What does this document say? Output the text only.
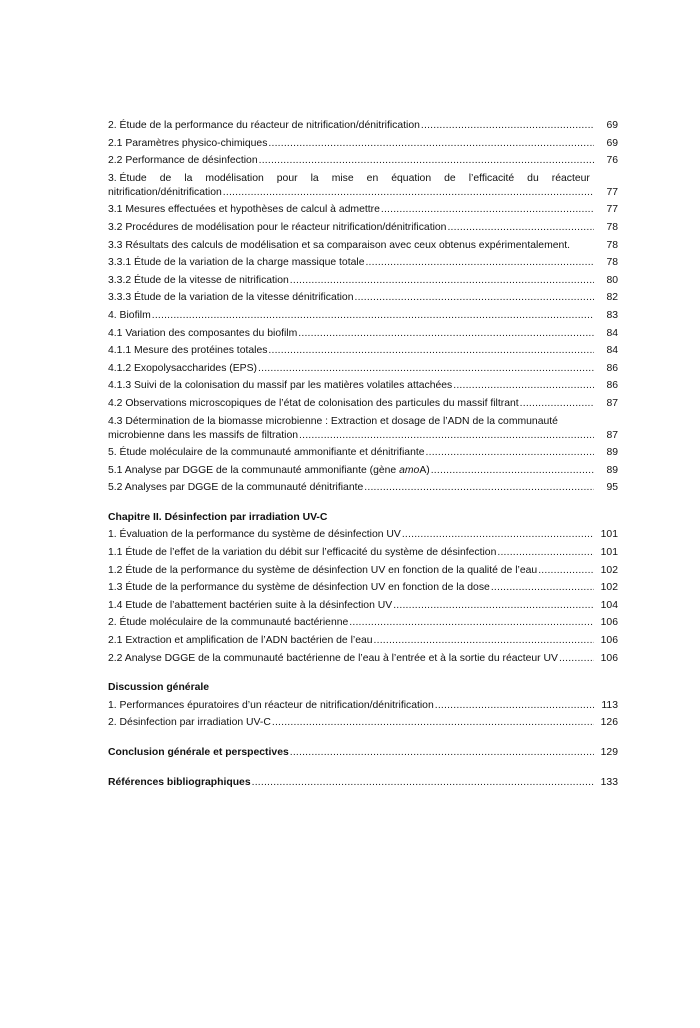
2. Étude de la performance du réacteur de nitrification/dénitrification .....	69
2.1 Paramètres physico-chimiques .....	69
2.2 Performance de désinfection .....	76
3. Étude de la modélisation pour la mise en équation de l’efficacité du réacteur
nitrification/dénitrification .....	77
3.1 Mesures effectuées et hypothèses de calcul à admettre .....	77
3.2 Procédures de modélisation pour le réacteur nitrification/dénitrification .....	78
3.3 Résultats des calculs de modélisation et sa comparaison avec ceux obtenus expérimentalement.	78
3.3.1 Étude de la variation de la charge massique totale .....	78
3.3.2 Étude de la vitesse de nitrification .....	80
3.3.3 Étude de la variation de la vitesse dénitrification .....	82
4. Biofilm .....	83
4.1 Variation des composantes du biofilm .....	84
4.1.1 Mesure des protéines totales .....	84
4.1.2 Exopolysaccharides (EPS) .....	86
4.1.3 Suivi de la colonisation du massif par les matières volatiles attachées .....	86
4.2 Observations microscopiques de l’état de colonisation des particules du massif filtrant .....	87
4.3 Détermination de la biomasse microbienne : Extraction et dosage de l’ADN de la communauté
microbienne dans les massifs de filtration .....	87
5. Étude moléculaire de la communauté ammonifiante et dénitrifiante .....	89
5.1 Analyse par DGGE de la communauté ammonifiante (gène amoA) .....	89
5.2 Analyses par DGGE de la communauté dénitrifiante .....	95
Chapitre II. Désinfection par irradiation UV-C
1. Évaluation de la performance du système de désinfection UV .....	101
1.1 Étude de l’effet de la variation du débit sur l’efficacité du système de désinfection .....	101
1.2 Étude de la performance du système de désinfection UV en fonction de la qualité de l’eau .....	102
1.3 Étude de la performance du système de désinfection UV en fonction de la dose .....	102
1.4 Etude de l’abattement bactérien suite à la désinfection UV .....	104
2. Étude moléculaire de la communauté bactérienne .....	106
2.1 Extraction et amplification de l’ADN bactérien de l’eau .....	106
2.2 Analyse DGGE de la communauté bactérienne de l’eau à l’entrée et à la sortie du réacteur UV .....	106
Discussion générale
1. Performances épuratoires d’un réacteur de nitrification/dénitrification .....	113
2. Désinfection par irradiation UV-C .....	126
Conclusion générale et perspectives .....	129
Références bibliographiques .....	133
